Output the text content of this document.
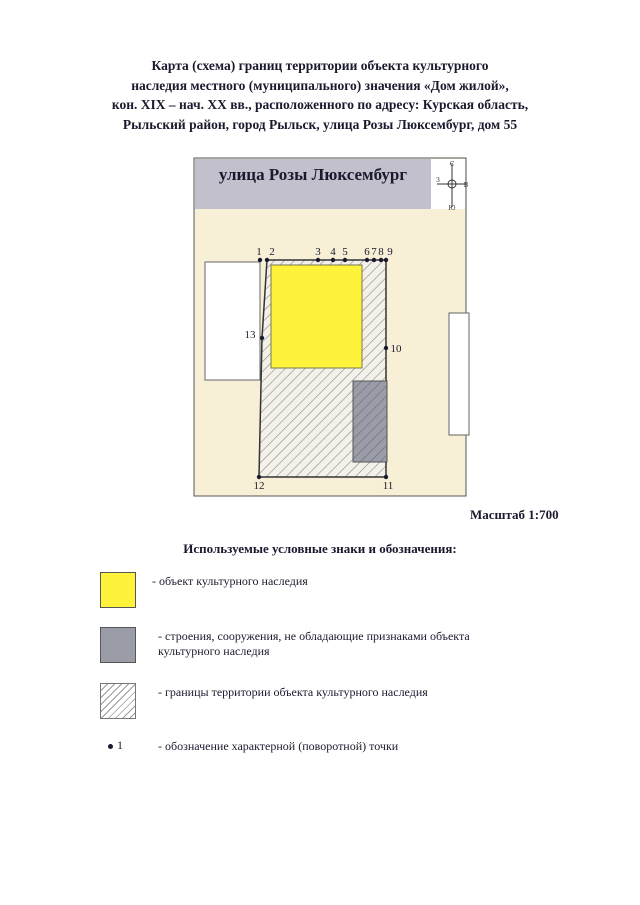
Карта (схема) границ территории объекта культурного
наследия местного (муниципального) значения «Дом жилой»,
кон. XIX – нач. XX вв., расположенного по адресу: Курская область,
Рыльский район, город Рыльск, улица Розы Люксембург, дом 55
улица Розы Люксембург
С
Ю
З
В
1 2	3 4 5 6 7 8 9
10
11
12
13
Масштаб 1:700
Используемые условные знаки и обозначения:
- объект культурного наследия
- строения, сооружения, не обладающие признаками объекта
культурного наследия
- границы территории объекта культурного наследия
1	- обозначение характерной (поворотной) точки
